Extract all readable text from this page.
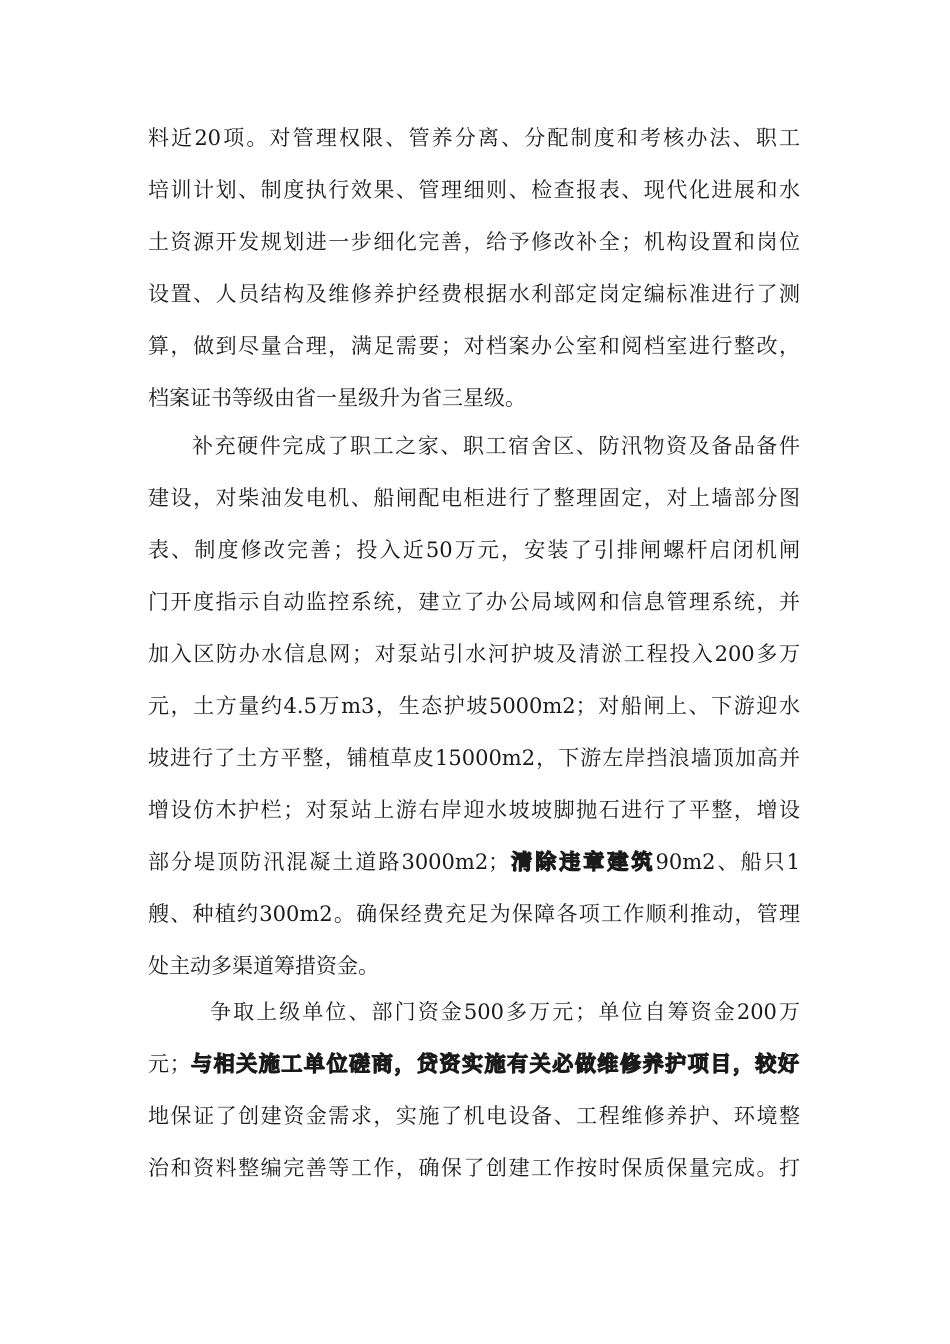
料近20项。对管理权限、管养分离、分配制度和考核办法、职工
培训计划、制度执行效果、管理细则、检查报表、现代化进展和水
土资源开发规划进一步细化完善，给予修改补全；机构设置和岗位
设置、人员结构及维修养护经费根据水利部定岗定编标准进行了测
算，做到尽量合理，满足需要；对档案办公室和阅档室进行整改，
档案证书等级由省一星级升为省三星级。
补充硬件完成了职工之家、职工宿舍区、防汛物资及备品备件
建设，对柴油发电机、船闸配电柜进行了整理固定，对上墙部分图
表、制度修改完善；投入近50万元，安装了引排闸螺杆启闭机闸
门开度指示自动监控系统，建立了办公局域网和信息管理系统，并
加入区防办水信息网；对泵站引水河护坡及清淤工程投入200多万
元，土方量约4.5万m3，生态护坡5000m2；对船闸上、下游迎水
坡进行了土方平整，铺植草皮15000m2，下游左岸挡浪墙顶加高并
增设仿木护栏；对泵站上游右岸迎水坡坡脚抛石进行了平整，增设
部分堤顶防汛混凝土道路3000m2；清除违章建筑90m2、船只1
艘、种植约300m2。确保经费充足为保障各项工作顺利推动，管理
处主动多渠道筹措资金。
争取上级单位、部门资金500多万元；单位自筹资金200万
元；与相关施工单位磋商，贷资实施有关必做维修养护项目，较好
地保证了创建资金需求，实施了机电设备、工程维修养护、环境整
治和资料整编完善等工作，确保了创建工作按时保质保量完成。打
